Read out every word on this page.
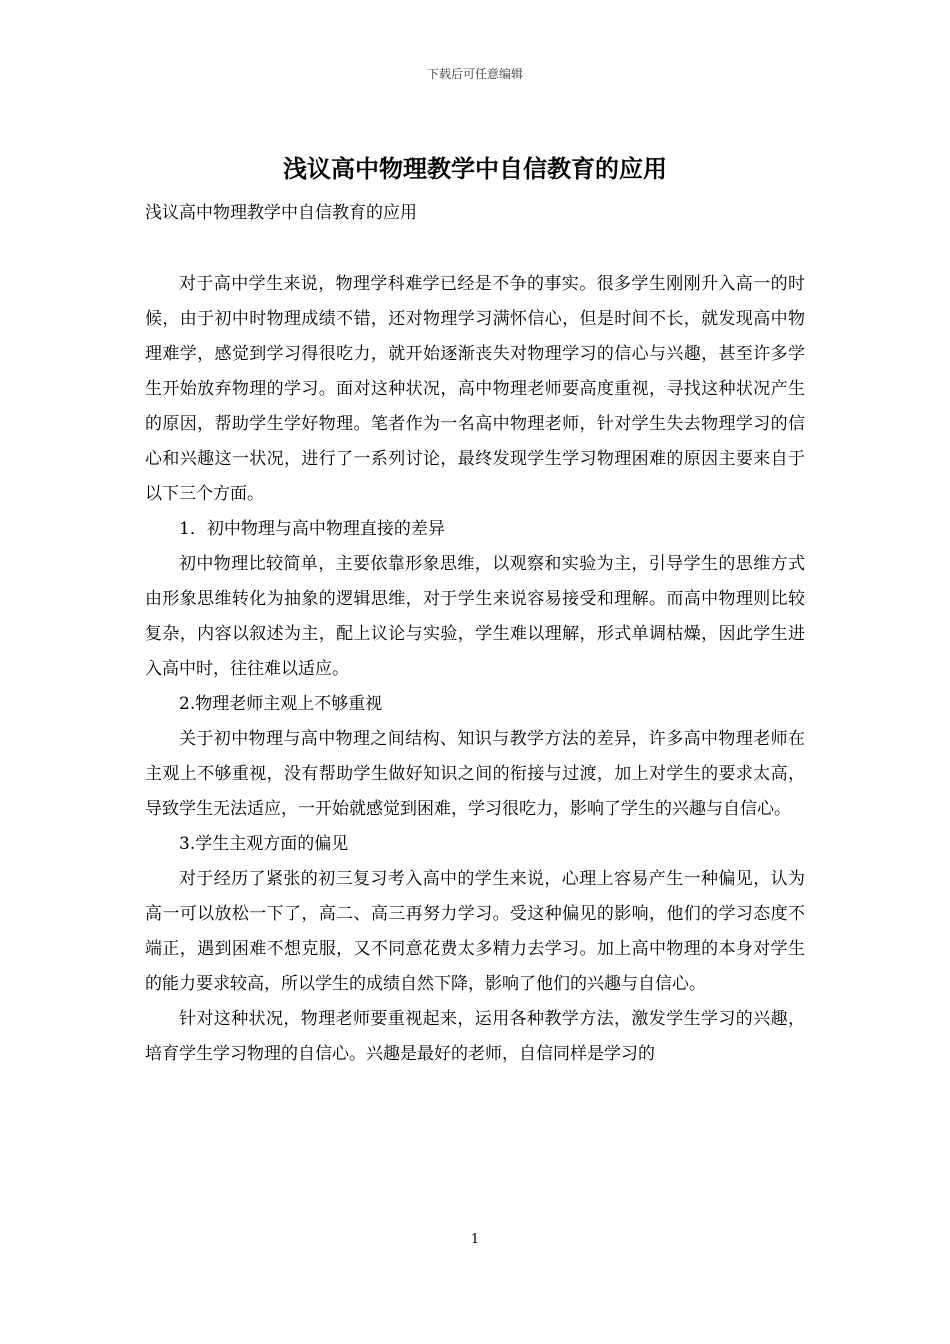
下载后可任意编辑
浅议高中物理教学中自信教育的应用

浅议高中物理教学中自信教育的应用

对于高中学生来说，物理学科难学已经是不争的事实。很多学生刚刚升入高一的时候，由于初中时物理成绩不错，还对物理学习满怀信心，但是时间不长，就发现高中物理难学，感觉到学习得很吃力，就开始逐渐丧失对物理学习的信心与兴趣，甚至许多学生开始放弃物理的学习。面对这种状况，高中物理老师要高度重视，寻找这种状况产生的原因，帮助学生学好物理。笔者作为一名高中物理老师，针对学生失去物理学习的信心和兴趣这一状况，进行了一系列讨论，最终发现学生学习物理困难的原因主要来自于以下三个方面。

1．初中物理与高中物理直接的差异

初中物理比较简单，主要依靠形象思维，以观察和实验为主，引导学生的思维方式由形象思维转化为抽象的逻辑思维，对于学生来说容易接受和理解。而高中物理则比较复杂，内容以叙述为主，配上议论与实验，学生难以理解，形式单调枯燥，因此学生进入高中时，往往难以适应。

2.物理老师主观上不够重视

关于初中物理与高中物理之间结构、知识与教学方法的差异，许多高中物理老师在主观上不够重视，没有帮助学生做好知识之间的衔接与过渡，加上对学生的要求太高，导致学生无法适应，一开始就感觉到困难，学习很吃力，影响了学生的兴趣与自信心。

3.学生主观方面的偏见

对于经历了紧张的初三复习考入高中的学生来说，心理上容易产生一种偏见，认为高一可以放松一下了，高二、高三再努力学习。受这种偏见的影响，他们的学习态度不端正，遇到困难不想克服，又不同意花费太多精力去学习。加上高中物理的本身对学生的能力要求较高，所以学生的成绩自然下降，影响了他们的兴趣与自信心。

针对这种状况，物理老师要重视起来，运用各种教学方法，激发学生学习的兴趣，培育学生学习物理的自信心。兴趣是最好的老师，自信同样是学习的

1
